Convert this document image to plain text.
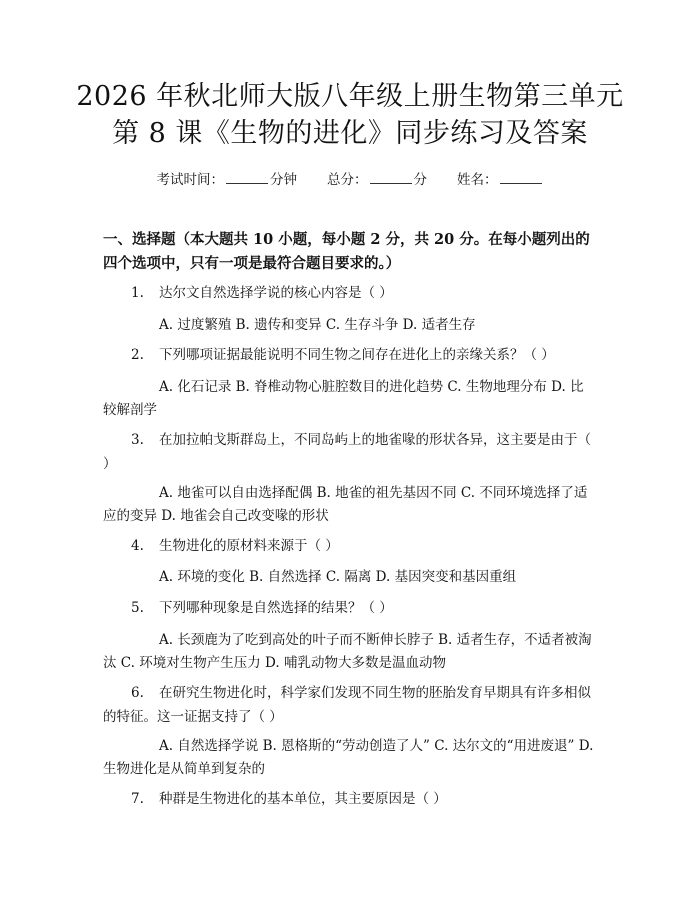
2026 年秋北师大版八年级上册生物第三单元
第 8 课《生物的进化》同步练习及答案
考试时间：	分钟 总分：	分 姓名：
一、选择题（本大题共 10 小题，每小题 2 分，共 20 分。在每小题列出的四个选项中，只有一项是最符合题目要求的。）
1. 达尔文自然选择学说的核心内容是（ ）
A. 过度繁殖 B. 遗传和变异 C. 生存斗争 D. 适者生存
2. 下列哪项证据最能说明不同生物之间存在进化上的亲缘关系？（ ）
A. 化石记录 B. 脊椎动物心脏腔数目的进化趋势 C. 生物地理分布 D. 比较解剖学
3. 在加拉帕戈斯群岛上，不同岛屿上的地雀喙的形状各异，这主要是由于（ ）
A. 地雀可以自由选择配偶 B. 地雀的祖先基因不同 C. 不同环境选择了适应的变异 D. 地雀会自己改变喙的形状
4. 生物进化的原材料来源于（ ）
A. 环境的变化 B. 自然选择 C. 隔离 D. 基因突变和基因重组
5. 下列哪种现象是自然选择的结果？（ ）
A. 长颈鹿为了吃到高处的叶子而不断伸长脖子 B. 适者生存，不适者被淘汰 C. 环境对生物产生压力 D. 哺乳动物大多数是温血动物
6. 在研究生物进化时，科学家们发现不同生物的胚胎发育早期具有许多相似的特征。这一证据支持了（ ）
A. 自然选择学说 B. 恩格斯的“劳动创造了人” C. 达尔文的“用进废退” D. 生物进化是从简单到复杂的
7. 种群是生物进化的基本单位，其主要原因是（ ）
